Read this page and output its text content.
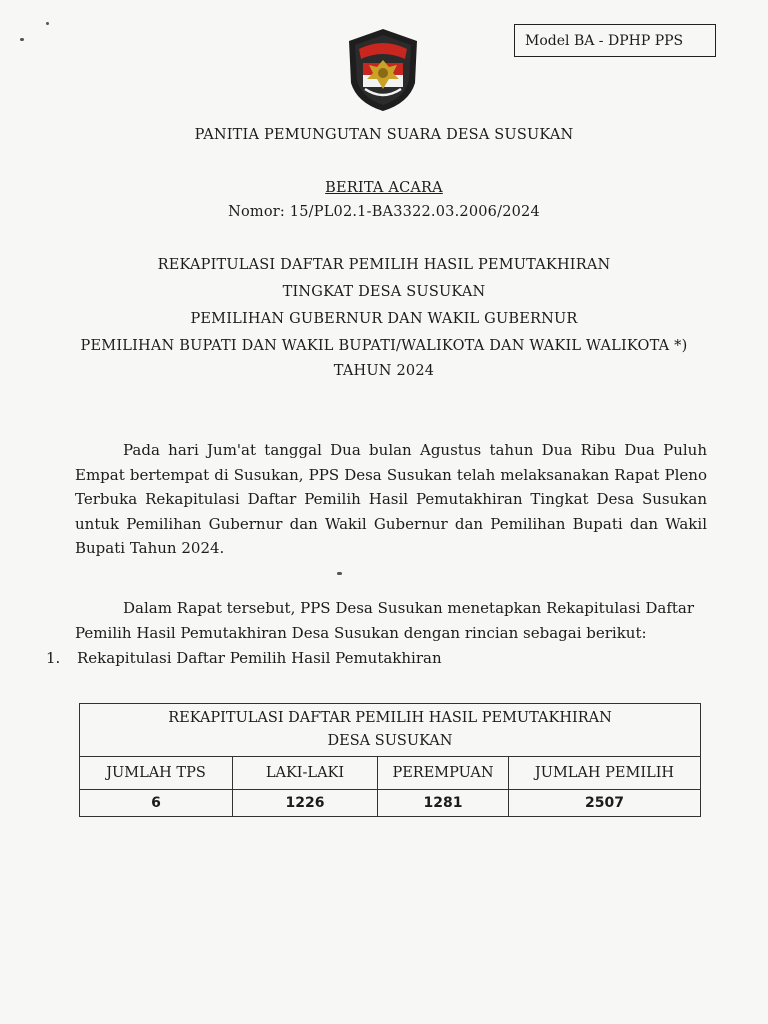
Model BA - DPHP PPS
PANITIA PEMUNGUTAN SUARA DESA SUSUKAN
BERITA ACARA
Nomor: 15/PL02.1-BA3322.03.2006/2024
REKAPITULASI DAFTAR PEMILIH HASIL PEMUTAKHIRAN
TINGKAT DESA SUSUKAN
PEMILIHAN GUBERNUR DAN WAKIL GUBERNUR
PEMILIHAN BUPATI DAN WAKIL BUPATI/WALIKOTA DAN WAKIL WALIKOTA *)
TAHUN 2024
Pada hari Jum'at tanggal Dua bulan Agustus tahun Dua Ribu Dua Puluh Empat bertempat di Susukan, PPS Desa Susukan telah melaksanakan Rapat Pleno Terbuka Rekapitulasi Daftar Pemilih Hasil Pemutakhiran Tingkat Desa Susukan untuk Pemilihan Gubernur dan Wakil Gubernur dan Pemilihan Bupati dan Wakil Bupati Tahun 2024.
Dalam Rapat tersebut, PPS Desa Susukan menetapkan Rekapitulasi Daftar Pemilih Hasil Pemutakhiran Desa Susukan dengan rincian sebagai berikut:
1. Rekapitulasi Daftar Pemilih Hasil Pemutakhiran
REKAPITULASI DAFTAR PEMILIH HASIL PEMUTAKHIRAN
DESA SUSUKAN			

JUMLAH TPS	LAKI-LAKI	PEREMPUAN	JUMLAH PEMILIH
6	1226	1281	2507
